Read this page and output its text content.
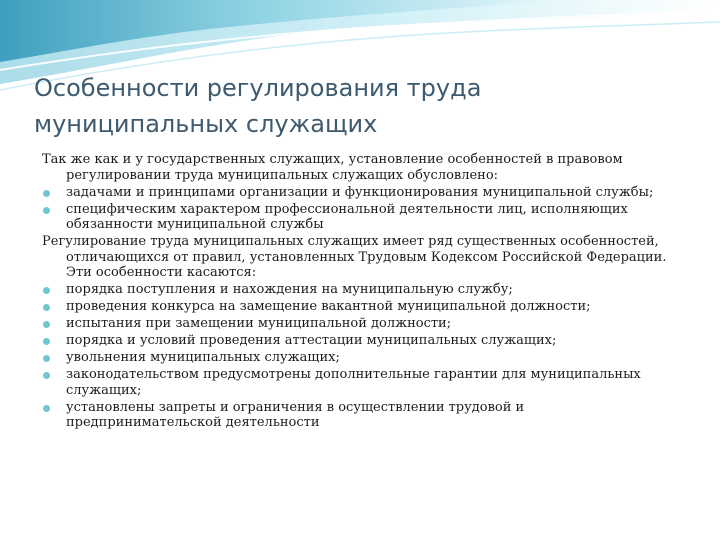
Особенности регулирования труда
муниципальных служащих

Так же как и у государственных служащих, установление особенностей в правовом регулировании труда муниципальных служащих обусловлено:

задачами и принципами организации и функционирования муниципальной службы;
специфическим характером профессиональной деятельности лиц, исполняющих обязанности муниципальной службы

Регулирование труда муниципальных служащих имеет ряд существенных особенностей, отличающихся от правил, установленных Трудовым Кодексом Российской Федерации. Эти особенности касаются:

порядка поступления и нахождения на муниципальную службу;
проведения конкурса на замещение вакантной муниципальной должности;
испытания при замещении муниципальной должности;
порядка и условий проведения аттестации муниципальных служащих;
увольнения муниципальных служащих;
законодательством предусмотрены дополнительные гарантии для муниципальных служащих;
установлены запреты и ограничения в осуществлении трудовой и предпринимательской деятельности
